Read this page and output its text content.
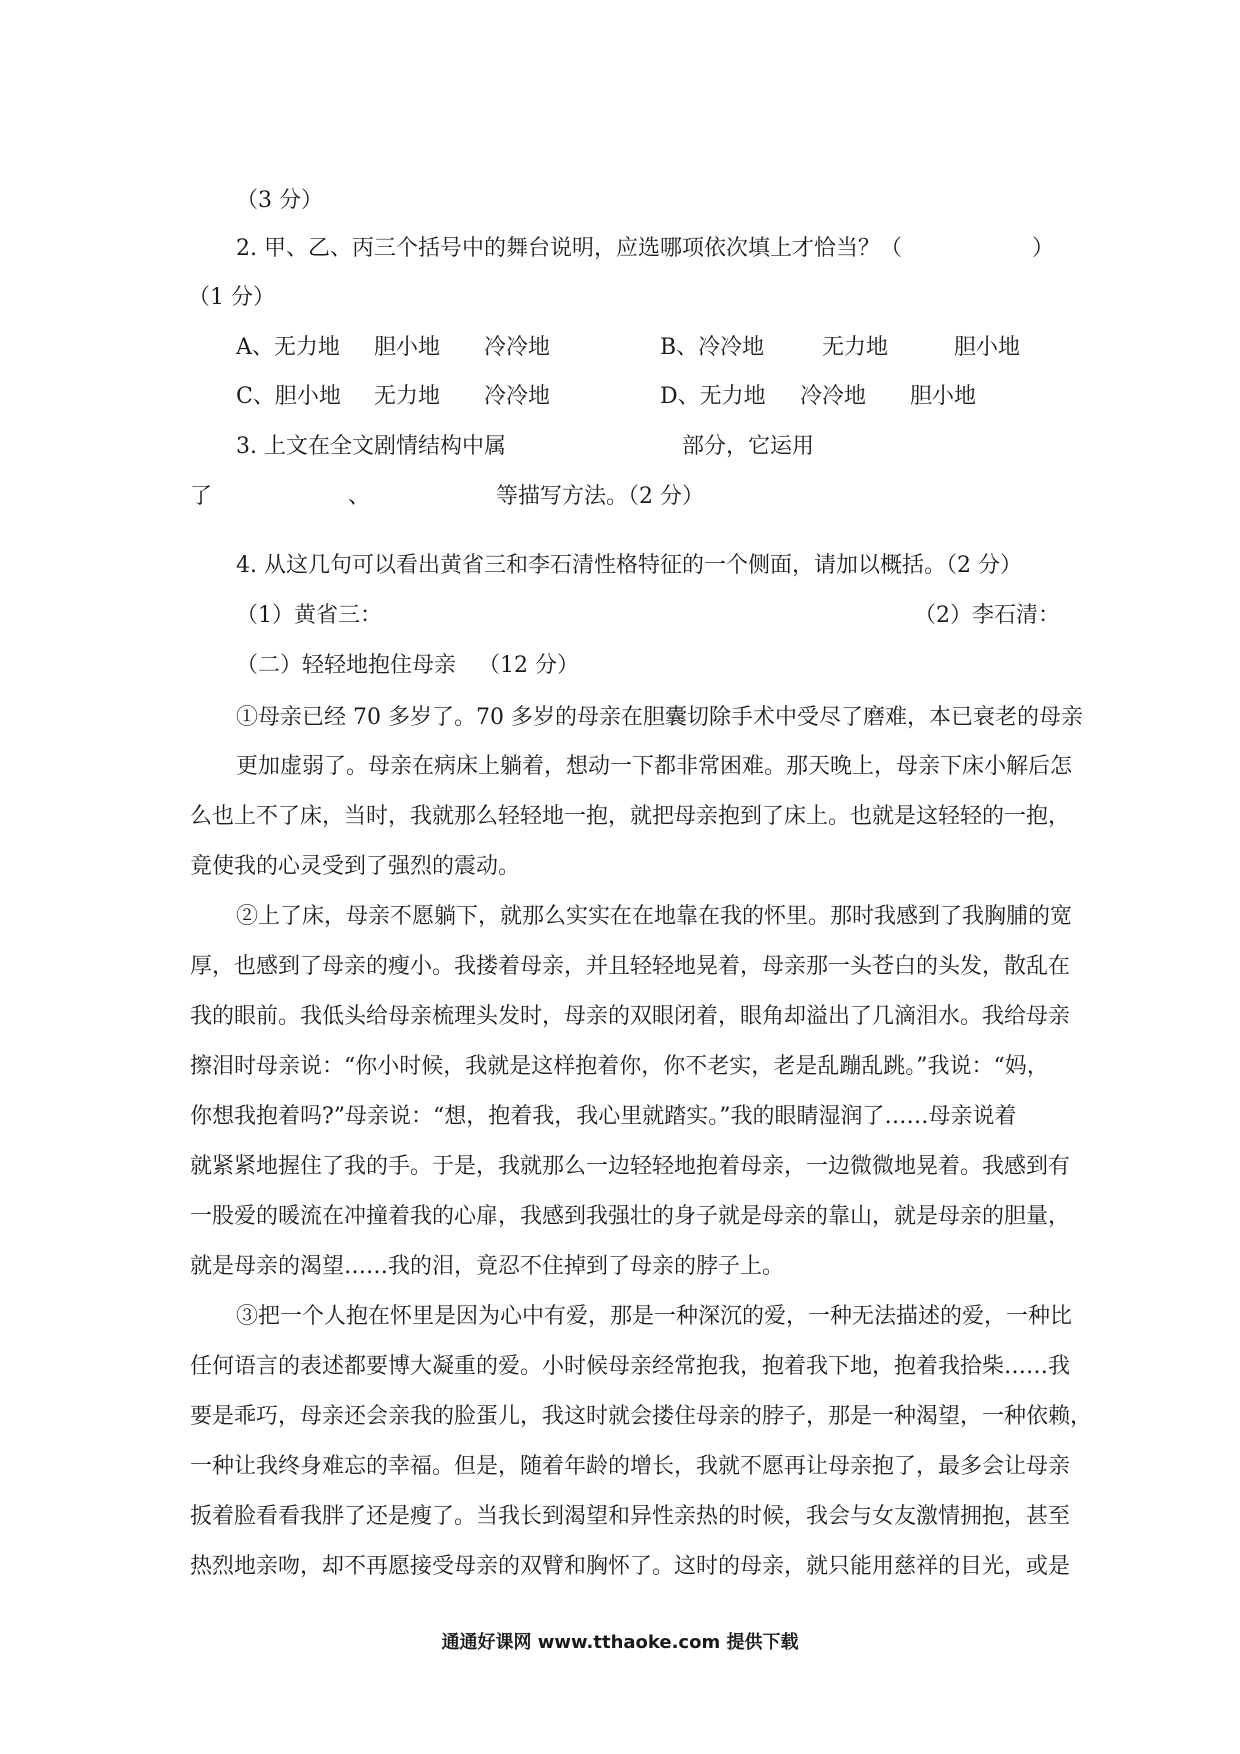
（3 分）
2. 甲、乙、丙三个括号中的舞台说明，应选哪项依次填上才恰当？（	）
（1 分）
A、无力地 胆小地 冷冷地	B、冷冷地	无力地	胆小地
C、胆小地 无力地 冷冷地	D、无力地 冷冷地 胆小地
3. 上文在全文剧情结构中属	部分，它运用
了	、	等描写方法。（2 分）
4. 从这几句可以看出黄省三和李石清性格特征的一个侧面，请加以概括。（2 分）
（1）黄省三：	（2）李石清：
（二）轻轻地抱住母亲 （12 分）
①母亲已经 70 多岁了。70 多岁的母亲在胆囊切除手术中受尽了磨难，本已衰老的母亲
更加虚弱了。母亲在病床上躺着，想动一下都非常困难。那天晚上，母亲下床小解后怎
么也上不了床，当时，我就那么轻轻地一抱，就把母亲抱到了床上。也就是这轻轻的一抱，
竟使我的心灵受到了强烈的震动。
②上了床，母亲不愿躺下，就那么实实在在地靠在我的怀里。那时我感到了我胸脯的宽
厚，也感到了母亲的瘦小。我搂着母亲，并且轻轻地晃着，母亲那一头苍白的头发，散乱在
我的眼前。我低头给母亲梳理头发时，母亲的双眼闭着，眼角却溢出了几滴泪水。我给母亲
擦泪时母亲说：“你小时候，我就是这样抱着你，你不老实，老是乱蹦乱跳。”我说：“妈，
你想我抱着吗?”母亲说：“想，抱着我，我心里就踏实。”我的眼睛湿润了……母亲说着
就紧紧地握住了我的手。于是，我就那么一边轻轻地抱着母亲，一边微微地晃着。我感到有
一股爱的暖流在冲撞着我的心扉，我感到我强壮的身子就是母亲的靠山，就是母亲的胆量，
就是母亲的渴望……我的泪，竟忍不住掉到了母亲的脖子上。
③把一个人抱在怀里是因为心中有爱，那是一种深沉的爱，一种无法描述的爱，一种比
任何语言的表述都要博大凝重的爱。小时候母亲经常抱我，抱着我下地，抱着我拾柴……我
要是乖巧，母亲还会亲我的脸蛋儿，我这时就会搂住母亲的脖子，那是一种渴望，一种依赖，
一种让我终身难忘的幸福。但是，随着年龄的增长，我就不愿再让母亲抱了，最多会让母亲
扳着脸看看我胖了还是瘦了。当我长到渴望和异性亲热的时候，我会与女友激情拥抱，甚至
热烈地亲吻，却不再愿接受母亲的双臂和胸怀了。这时的母亲，就只能用慈祥的目光，或是
通通好课网 www.tthaoke.com 提供下载
